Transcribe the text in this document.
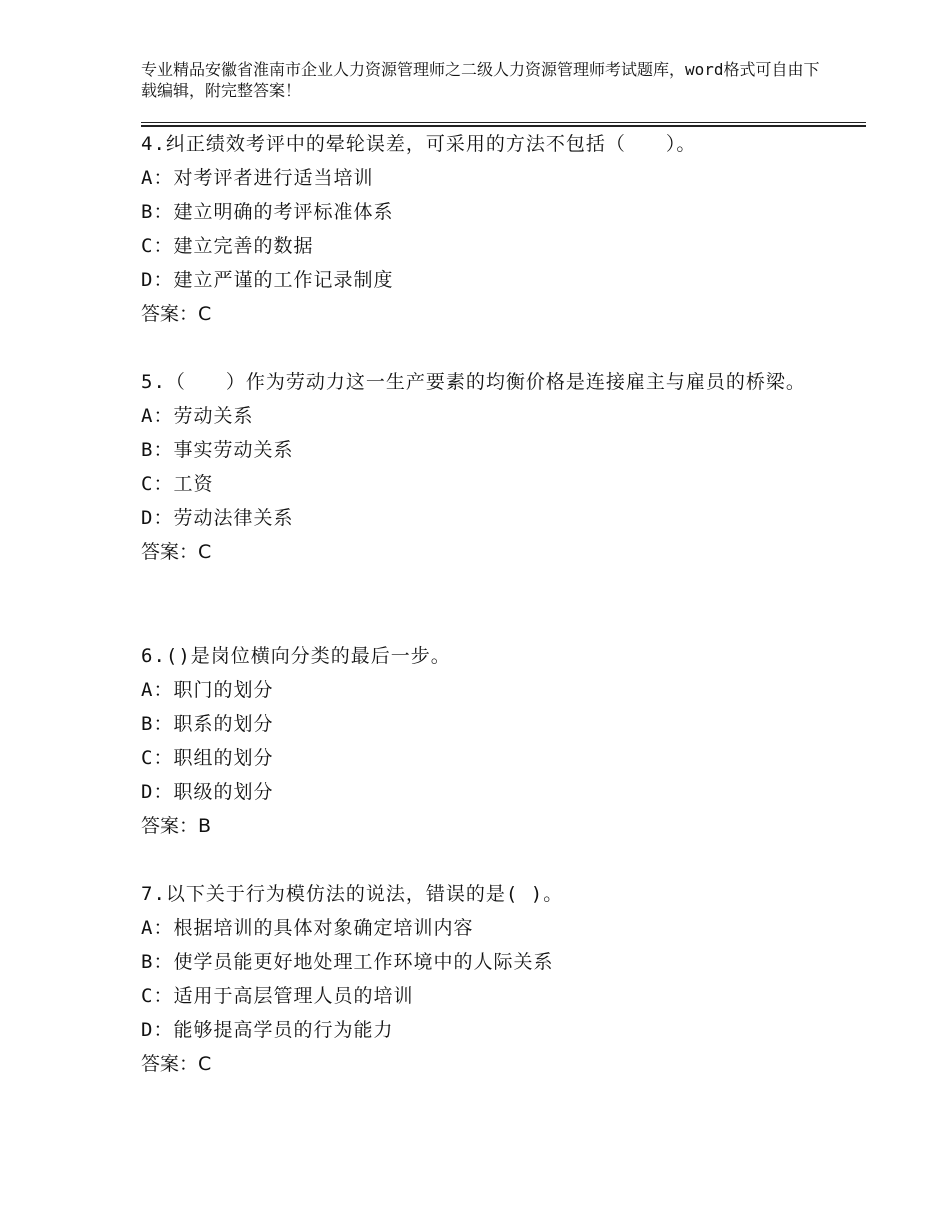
专业精品安徽省淮南市企业人力资源管理师之二级人力资源管理师考试题库，word格式可自由下载编辑，附完整答案！
4.纠正绩效考评中的晕轮误差，可采用的方法不包括（　　）。
A：对考评者进行适当培训
B：建立明确的考评标准体系
C：建立完善的数据
D：建立严谨的工作记录制度
答案：C
5.（　　）作为劳动力这一生产要素的均衡价格是连接雇主与雇员的桥梁。
A：劳动关系
B：事实劳动关系
C：工资
D：劳动法律关系
答案：C
6.()是岗位横向分类的最后一步。
A：职门的划分
B：职系的划分
C：职组的划分
D：职级的划分
答案：B
7.以下关于行为模仿法的说法，错误的是( )。
A：根据培训的具体对象确定培训内容
B：使学员能更好地处理工作环境中的人际关系
C：适用于高层管理人员的培训
D：能够提高学员的行为能力
答案：C
